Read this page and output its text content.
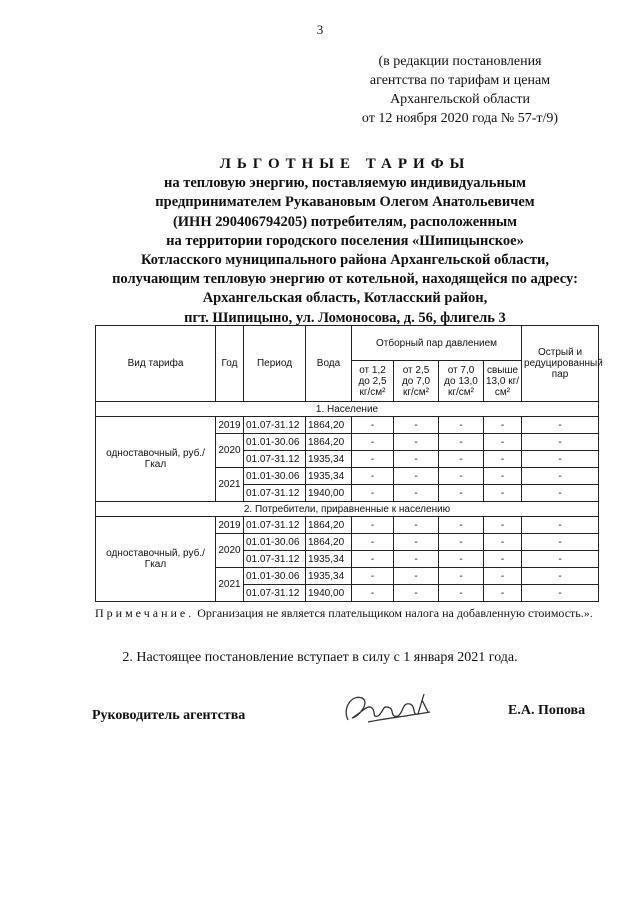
3
(в редакции постановления
агентства по тарифам и ценам
Архангельской области
от 12 ноября 2020 года № 57-т/9)
ЛЬГОТНЫЕ ТАРИФЫ
на тепловую энергию, поставляемую индивидуальным
предпринимателем Рукавановым Олегом Анатольевичем
(ИНН 290406794205) потребителям, расположенным
на территории городского поселения «Шипицынское»
Котласского муниципального района Архангельской области,
получающим тепловую энергию от котельной, находящейся по адресу:
Архангельская область, Котласский район,
пгт. Шипицыно, ул. Ломоносова, д. 56, флигель 3
Вид тарифа	Год	Период	Вода	Отборный пар давлением				Острый и редуцированный пар
				от 1,2 до 2,5 кг/см²	от 2,5 до 7,0 кг/см²	от 7,0 до 13,0 кг/см²	свыше 13,0 кг/см²	
1. Население								
одноставочный, руб./Гкал	2019	01.07-31.12	1864,20	-	-	-	-	-
	2020	01.01-30.06	1864,20	-	-	-	-	-
		01.07-31.12	1935,34	-	-	-	-	-
	2021	01.01-30.06	1935,34	-	-	-	-	-
		01.07-31.12	1940,00	-	-	-	-	-
2. Потребители, приравненные к населению								
одноставочный, руб./Гкал	2019	01.07-31.12	1864,20	-	-	-	-	-
	2020	01.01-30.06	1864,20	-	-	-	-	-
		01.07-31.12	1935,34	-	-	-	-	-
	2021	01.01-30.06	1935,34	-	-	-	-	-
		01.07-31.12	1940,00	-	-	-	-	-
Примечание. Организация не является плательщиком налога на добавленную стоимость.».
2. Настоящее постановление вступает в силу с 1 января 2021 года.
Руководитель агентства	Е.А. Попова
